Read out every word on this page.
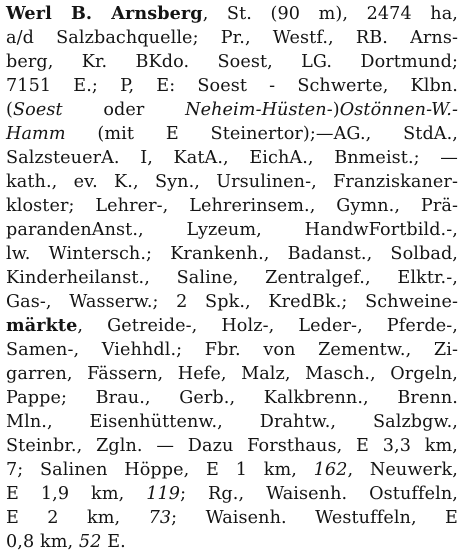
Werl B. Arnsberg, St. (90 m), 2474 ha,
a/d Salzbachquelle; Pr., Westf., RB. Arns-
berg, Kr. BKdo. Soest, LG. Dortmund;
7151 E.; P, E: Soest - Schwerte, Klbn.
(Soest oder Neheim-Hüsten-)Ostönnen-W.-
Hamm (mit E Steinertor);—AG., StdA.,
SalzsteuerA. I, KatA., EichA., Bnmeist.; —
kath., ev. K., Syn., Ursulinen-, Franziskaner-
kloster; Lehrer-, Lehrerinsem., Gymn., Prä-
parandenAnst., Lyzeum, HandwFortbild.-,
lw. Wintersch.; Krankenh., Badanst., Solbad,
Kinderheilanst., Saline, Zentralgef., Elktr.-,
Gas-, Wasserw.; 2 Spk., KredBk.; Schweine-
märkte, Getreide-, Holz-, Leder-, Pferde-,
Samen-, Viehhdl.; Fbr. von Zementw., Zi-
garren, Fässern, Hefe, Malz, Masch., Orgeln,
Pappe; Brau., Gerb., Kalkbrenn., Brenn.
Mln., Eisenhüttenw., Drahtw., Salzbgw.,
Steinbr., Zgln. — Dazu Forsthaus, E 3,3 km,
7; Salinen Höppe, E 1 km, 162, Neuwerk,
E 1,9 km, 119; Rg., Waisenh. Ostuffeln,
E 2 km, 73; Waisenh. Westuffeln, E
0,8 km, 52 E.
